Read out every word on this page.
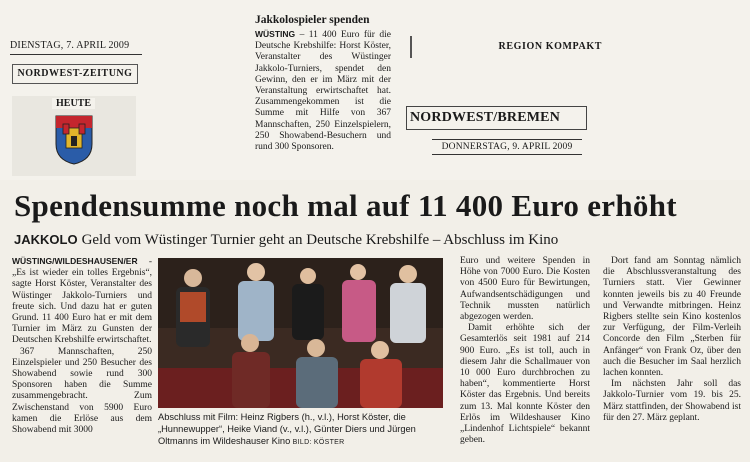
DIENSTAG, 7. APRIL 2009
NORDWEST-ZEITUNG
HEUTE
Jakkolospieler spenden
WÜSTING – 11 400 Euro für die Deutsche Krebshilfe: Horst Köster, Veranstalter des Wüstinger Jakkolo-Turniers, spendet den Gewinn, den er im März mit der Veranstaltung erwirtschaftet hat. Zusammengekommen ist die Summe mit Hilfe von 367 Mannschaften, 250 Einzelspielern, 250 Showabend-Besuchern und rund 300 Sponsoren.
REGION KOMPAKT
NORDWEST/BREMEN
DONNERSTAG, 9. APRIL 2009
Spendensumme noch mal auf 11 400 Euro erhöht
JAKKOLO Geld vom Wüstinger Turnier geht an Deutsche Krebshilfe – Abschluss im Kino
WÜSTING/WILDESHAUSEN/ER - „Es ist wieder ein tolles Ergebnis“, sagte Horst Köster, Veranstalter des Wüstinger Jakkolo-Turniers und freute sich. Und dazu hat er guten Grund. 11 400 Euro hat er mit dem Turnier im März zu Gunsten der Deutschen Krebshilfe erwirtschaftet.
367 Mannschaften, 250 Einzelspieler und 250 Besucher des Showabend sowie rund 300 Sponsoren haben die Summe zusammengebracht. Zum Zwischenstand von 5900 Euro kamen die Erlöse aus dem Showabend mit 3000
Abschluss mit Film: Heinz Rigbers (h., v.l.), Horst Köster, die „Hunnewupper“, Heike Viand (v., v.l.), Günter Diers und Jürgen Oltmanns im Wildeshauser Kino BILD: KÖSTER
Euro und weitere Spenden in Höhe von 7000 Euro. Die Kosten von 4500 Euro für Bewirtungen, Aufwandsentschädigungen und Technik mussten natürlich abgezogen werden.
Damit erhöhte sich der Gesamterlös seit 1981 auf 214 900 Euro. „Es ist toll, auch in diesem Jahr die Schallmauer von 10 000 Euro durchbrochen zu haben“, kommentierte Horst Köster das Ergebnis. Und bereits zum 13. Mal konnte Köster den Erlös im Wildeshauser Kino „Lindenhof Lichtspiele“ bekannt geben.
Dort fand am Sonntag nämlich die Abschlussveranstaltung des Turniers statt. Vier Gewinner konnten jeweils bis zu 40 Freunde und Verwandte mitbringen. Heinz Rigbers stellte sein Kino kostenlos zur Verfügung, der Film-Verleih Concorde den Film „Sterben für Anfänger“ von Frank Oz, über den auch die Besucher im Saal herzlich lachen konnten.
Im nächsten Jahr soll das Jakkolo-Turnier vom 19. bis 25. März stattfinden, der Showabend ist für den 27. März geplant.
